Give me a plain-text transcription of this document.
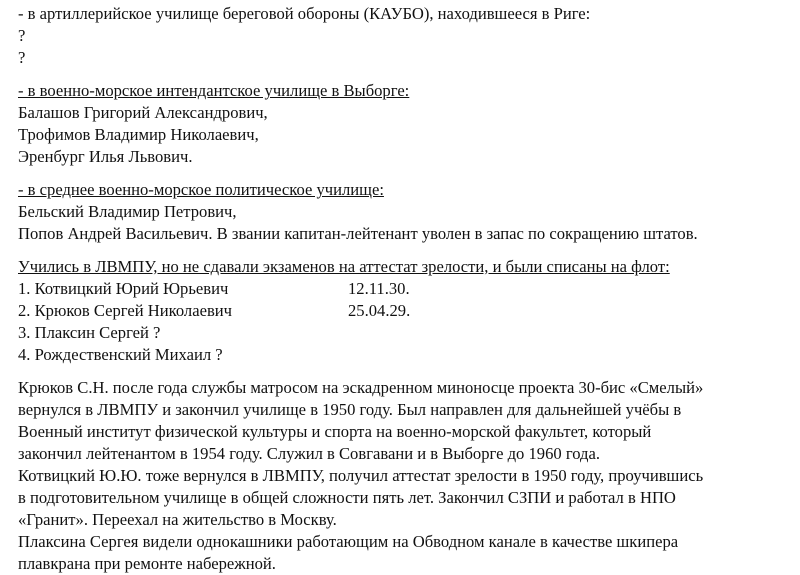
- в артиллерийское училище береговой обороны (КАУБО), находившееся в Риге:
?
?
- в военно-морское интендантское училище в Выборге:
Балашов Григорий Александрович,
Трофимов Владимир Николаевич,
Эренбург Илья Львович.
- в среднее военно-морское политическое училище:
Бельский Владимир Петрович,
Попов Андрей Васильевич. В звании капитан-лейтенант уволен в запас по сокращению штатов.
Учились в ЛВМПУ, но не сдавали экзаменов на аттестат зрелости, и были списаны на флот:
1. Котвицкий Юрий Юрьевич	12.11.30.
2. Крюков Сергей Николаевич	25.04.29.
3. Плаксин Сергей ?
4. Рождественский Михаил ?
Крюков С.Н. после года службы матросом на эскадренном миноносце проекта 30-бис «Смелый»
вернулся в ЛВМПУ и закончил училище в 1950 году. Был направлен для дальнейшей учёбы в
Военный институт физической культуры и спорта на военно-морской факультет, который
закончил лейтенантом в 1954 году. Служил в Совгавани и в Выборге до 1960 года.
Котвицкий Ю.Ю. тоже вернулся в ЛВМПУ, получил аттестат зрелости в 1950 году, проучившись
в подготовительном училище в общей сложности пять лет. Закончил СЗПИ и работал в НПО
«Гранит». Переехал на жительство в Москву.
Плаксина Сергея видели однокашники работающим на Обводном канале в качестве шкипера
плавкрана при ремонте набережной.
